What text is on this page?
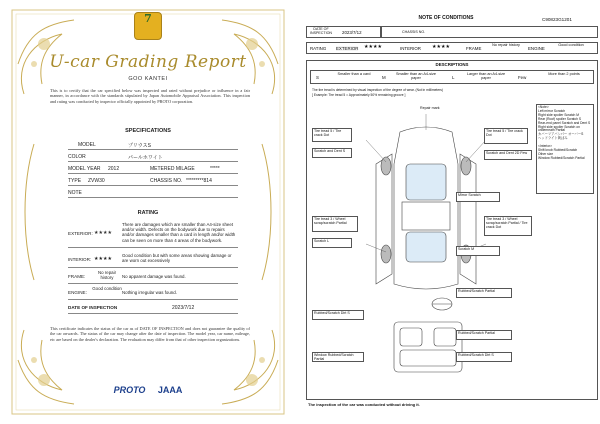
7
U-car Grading Report
GOO KANTEI
This is to certify that the car specified below was inspected and rated without prejudice or influence in a fair manner, in accordance with the standards stipulated by Japan Automobile Appraisal Association. This inspection and rating was conducted by inspector officially appointed by PROTO corporation.
SPECIFICATIONS
MODEL	プリウスS
COLOR	パールホワイト
MODEL YEAR 2012	METERED MILAGE	*****
TYPE ZVW30	CHASSIS NO. *********814
NOTE
RATING
EXTERIOR: ★★★★
There are damages which are smaller than A4-size sheet and/or width. Defects on the bodywork due to repairs and/or damages smaller than a card in length and/or width can be seen on more than 4 areas of the bodywork.
INTERIOR: ★★★★
Good condition but with some areas showing damage or are worn out excessively
FRAME:
No repair history	No apparent damage was found.
ENGINE:
Good condition
Nothing irregular was found.
DATE OF INSPECTION	2023/7/12
This certificate indicates the status of the car as of DATE OF INSPECTION and does not guarantee the quality of the car onwards. The status of the car may change after the date of inspection. The model year, car name, mileage, etc are based on the dealer's declaration. The evaluation may differ from that of other inspection organizations.
PROTO JAAA
NOTE OF CONDITIONS	C90823G1201
DATE OF INSPECTION	2023/7/12	CHASSIS NO.
RATING EXTERIOR ★★★★	INTERIOR ★★★★	FRAME
No repair history
ENGINE
Good condition
DESCRIPTIONS
S
Smaller than a card
M
Smaller than an A4-size paper	L
Larger than an A4-size paper	Few
More than 2 points
The tire tread is determined by visual inspection of the degree of wear. (Not in millimeters)
[ Example: Tire tread 5 = Approximately 50% remaining groove ]
Repair mark
Tire tread 5 / Tire crack Dot
Scratch and Dent S
Tire tread 3 / Wheel scrap/scratch Partial
Scratch L
Rubbed/Scratch Dirt S
Window Rubbed/Scratch Partial
Tire tread 5 / Tire crack Dot
Scratch and Dent 2D Few
Mirror Scratch
Tire tread 3 / Wheel scrap/scratch Partial / Tire crack Dot
Scratch M
Rubbed/Scratch Partial
Rubbed/Scratch Partial
Rubbed/Scratch Dirt S
<Note>
Left mirror Scratch
Right side spoiler Scratch M
Rear (Roof) spoiler Scratch S
Rear-end panel Scratch and Dent S
Right side spoiler Scratch on underneath Partial
カバーリアバンパー オーバーS
ヘッドライト黄ばみ

<Interior>
Shift knob Rubbed/Scratch
Other size
Window Rubbed/Scratch Partial
The inspection of the car was conducted without driving it.
